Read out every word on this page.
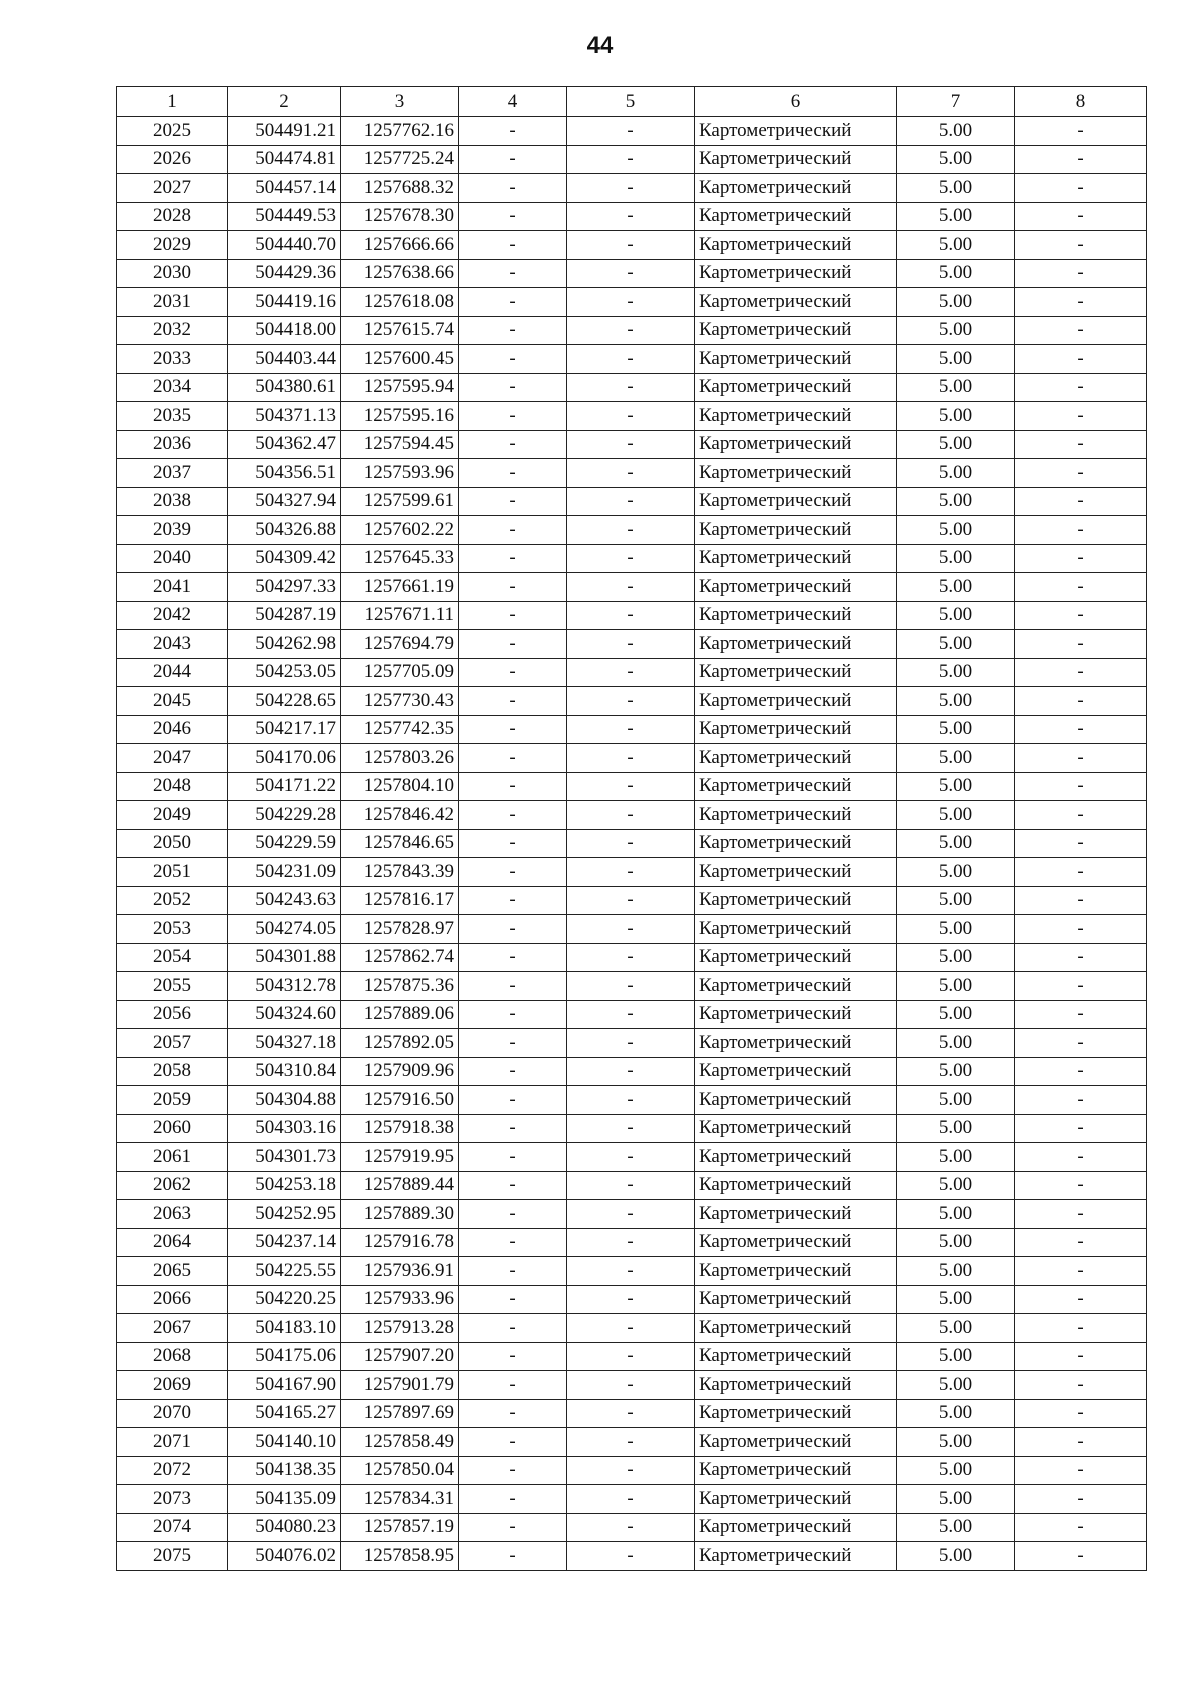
44
1	2	3	4	5	6	7	8
2025	504491.21	1257762.16	-	-	Картометрический	5.00	-
2026	504474.81	1257725.24	-	-	Картометрический	5.00	-
2027	504457.14	1257688.32	-	-	Картометрический	5.00	-
2028	504449.53	1257678.30	-	-	Картометрический	5.00	-
2029	504440.70	1257666.66	-	-	Картометрический	5.00	-
2030	504429.36	1257638.66	-	-	Картометрический	5.00	-
2031	504419.16	1257618.08	-	-	Картометрический	5.00	-
2032	504418.00	1257615.74	-	-	Картометрический	5.00	-
2033	504403.44	1257600.45	-	-	Картометрический	5.00	-
2034	504380.61	1257595.94	-	-	Картометрический	5.00	-
2035	504371.13	1257595.16	-	-	Картометрический	5.00	-
2036	504362.47	1257594.45	-	-	Картометрический	5.00	-
2037	504356.51	1257593.96	-	-	Картометрический	5.00	-
2038	504327.94	1257599.61	-	-	Картометрический	5.00	-
2039	504326.88	1257602.22	-	-	Картометрический	5.00	-
2040	504309.42	1257645.33	-	-	Картометрический	5.00	-
2041	504297.33	1257661.19	-	-	Картометрический	5.00	-
2042	504287.19	1257671.11	-	-	Картометрический	5.00	-
2043	504262.98	1257694.79	-	-	Картометрический	5.00	-
2044	504253.05	1257705.09	-	-	Картометрический	5.00	-
2045	504228.65	1257730.43	-	-	Картометрический	5.00	-
2046	504217.17	1257742.35	-	-	Картометрический	5.00	-
2047	504170.06	1257803.26	-	-	Картометрический	5.00	-
2048	504171.22	1257804.10	-	-	Картометрический	5.00	-
2049	504229.28	1257846.42	-	-	Картометрический	5.00	-
2050	504229.59	1257846.65	-	-	Картометрический	5.00	-
2051	504231.09	1257843.39	-	-	Картометрический	5.00	-
2052	504243.63	1257816.17	-	-	Картометрический	5.00	-
2053	504274.05	1257828.97	-	-	Картометрический	5.00	-
2054	504301.88	1257862.74	-	-	Картометрический	5.00	-
2055	504312.78	1257875.36	-	-	Картометрический	5.00	-
2056	504324.60	1257889.06	-	-	Картометрический	5.00	-
2057	504327.18	1257892.05	-	-	Картометрический	5.00	-
2058	504310.84	1257909.96	-	-	Картометрический	5.00	-
2059	504304.88	1257916.50	-	-	Картометрический	5.00	-
2060	504303.16	1257918.38	-	-	Картометрический	5.00	-
2061	504301.73	1257919.95	-	-	Картометрический	5.00	-
2062	504253.18	1257889.44	-	-	Картометрический	5.00	-
2063	504252.95	1257889.30	-	-	Картометрический	5.00	-
2064	504237.14	1257916.78	-	-	Картометрический	5.00	-
2065	504225.55	1257936.91	-	-	Картометрический	5.00	-
2066	504220.25	1257933.96	-	-	Картометрический	5.00	-
2067	504183.10	1257913.28	-	-	Картометрический	5.00	-
2068	504175.06	1257907.20	-	-	Картометрический	5.00	-
2069	504167.90	1257901.79	-	-	Картометрический	5.00	-
2070	504165.27	1257897.69	-	-	Картометрический	5.00	-
2071	504140.10	1257858.49	-	-	Картометрический	5.00	-
2072	504138.35	1257850.04	-	-	Картометрический	5.00	-
2073	504135.09	1257834.31	-	-	Картометрический	5.00	-
2074	504080.23	1257857.19	-	-	Картометрический	5.00	-
2075	504076.02	1257858.95	-	-	Картометрический	5.00	-
